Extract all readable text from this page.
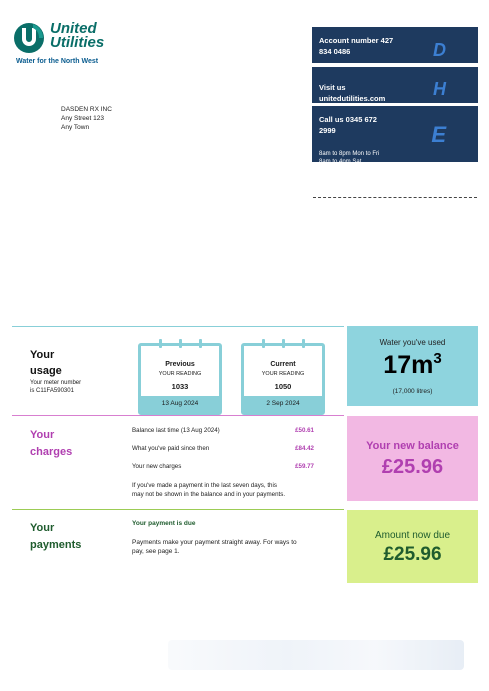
United
Utilities
Water for the North West
DASDEN RX INC
Any Street 123
Any Town
Account number 427
834 0486	D
Visit us
unitedutilities.com	H
Call us 0345 672
2999
8am to 8pm Mon to Fri
8am to 4pm Sat
E
Your
usage
Your meter number
is C11FA590301
Previous
YOUR READING
1033
13 Aug 2024
Current
YOUR READING
1050
2 Sep 2024
Water you've used
$17m^3$
(17,000 litres)
Your
charges
Balance last time (13 Aug 2024)	£50.61
What you've paid since then	£84.42
Your new charges	£59.77
If you've made a payment in the last seven days, this
may not be shown in the balance and in your payments.
Your new balance
£25.96
Your
payments
Your payment is due
Payments make your payment straight away. For ways to
pay, see page 1.
Amount now due
£25.96
